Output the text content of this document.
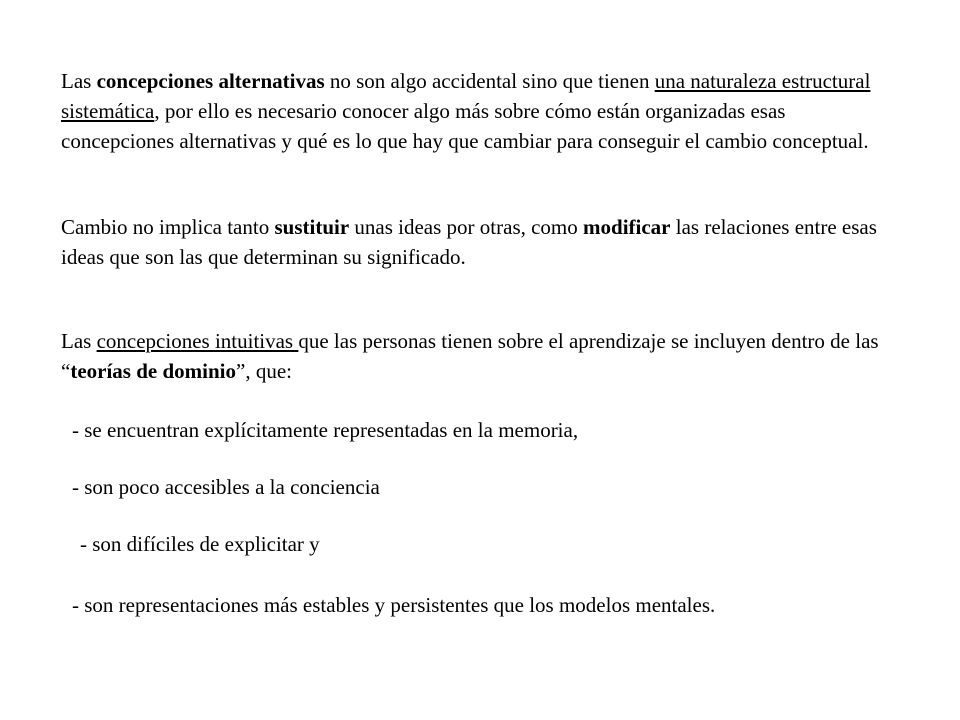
Las concepciones alternativas no son algo accidental sino que tienen una naturaleza estructural sistemática, por ello es necesario conocer algo más sobre cómo están organizadas esas concepciones alternativas y qué es lo que hay que cambiar para conseguir el cambio conceptual.
Cambio no implica tanto sustituir unas ideas por otras, como modificar las relaciones entre esas ideas que son las que determinan su significado.
Las concepciones intuitivas que las personas tienen sobre el aprendizaje se incluyen dentro de las “teorías de dominio”, que:
- se encuentran explícitamente representadas en la memoria,
- son poco accesibles a la conciencia
- son difíciles de explicitar y
- son representaciones más estables y persistentes que los modelos mentales.
